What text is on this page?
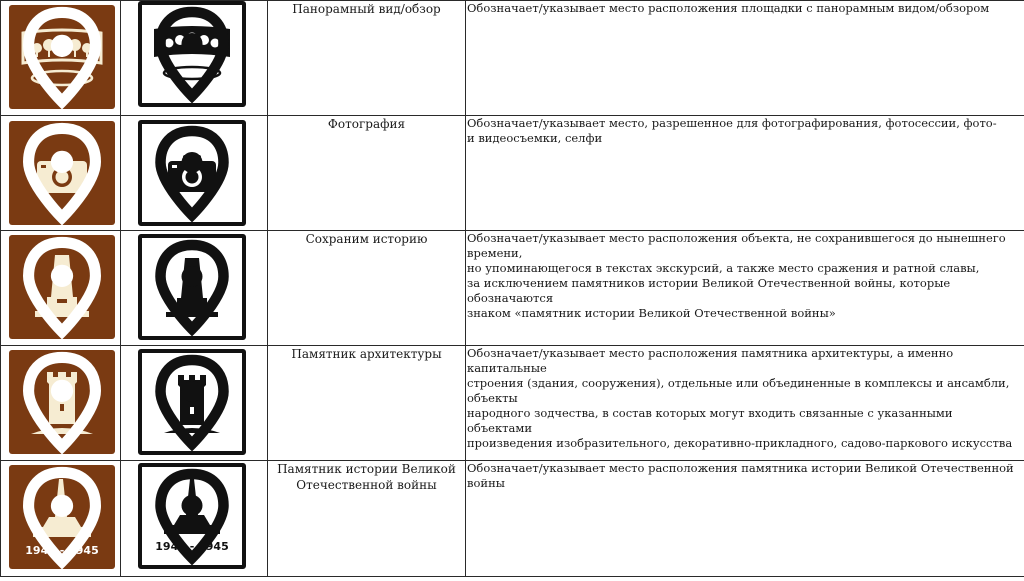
Панорамный вид/обзор	Обозначает/указывает место расположения площадки с панорамным видом/обзором

Фотография	Обозначает/указывает место, разрешенное для фотографирования, фотосессии, фото-
и видеосъемки, селфи

Сохраним историю	Обозначает/указывает место расположения объекта, не сохранившегося до нынешнего времени,
но упоминающегося в текстах экскурсий, а также место сражения и ратной славы,
за исключением памятников истории Великой Отечественной войны, которые обозначаются
знаком «памятник истории Великой Отечественной войны»

Памятник архитектуры	Обозначает/указывает место расположения памятника архитектуры, а именно капитальные
строения (здания, сооружения), отдельные или объединенные в комплексы и ансамбли, объекты
народного зодчества, в состав которых могут входить связанные с указанными объектами
произведения изобразительного, декоративно-прикладного, садово-паркового искусства

1941 - 1945	1941 - 1945	Памятник истории Великой Отечественной войны	Обозначает/указывает место расположения памятника истории Великой Отечественной войны
